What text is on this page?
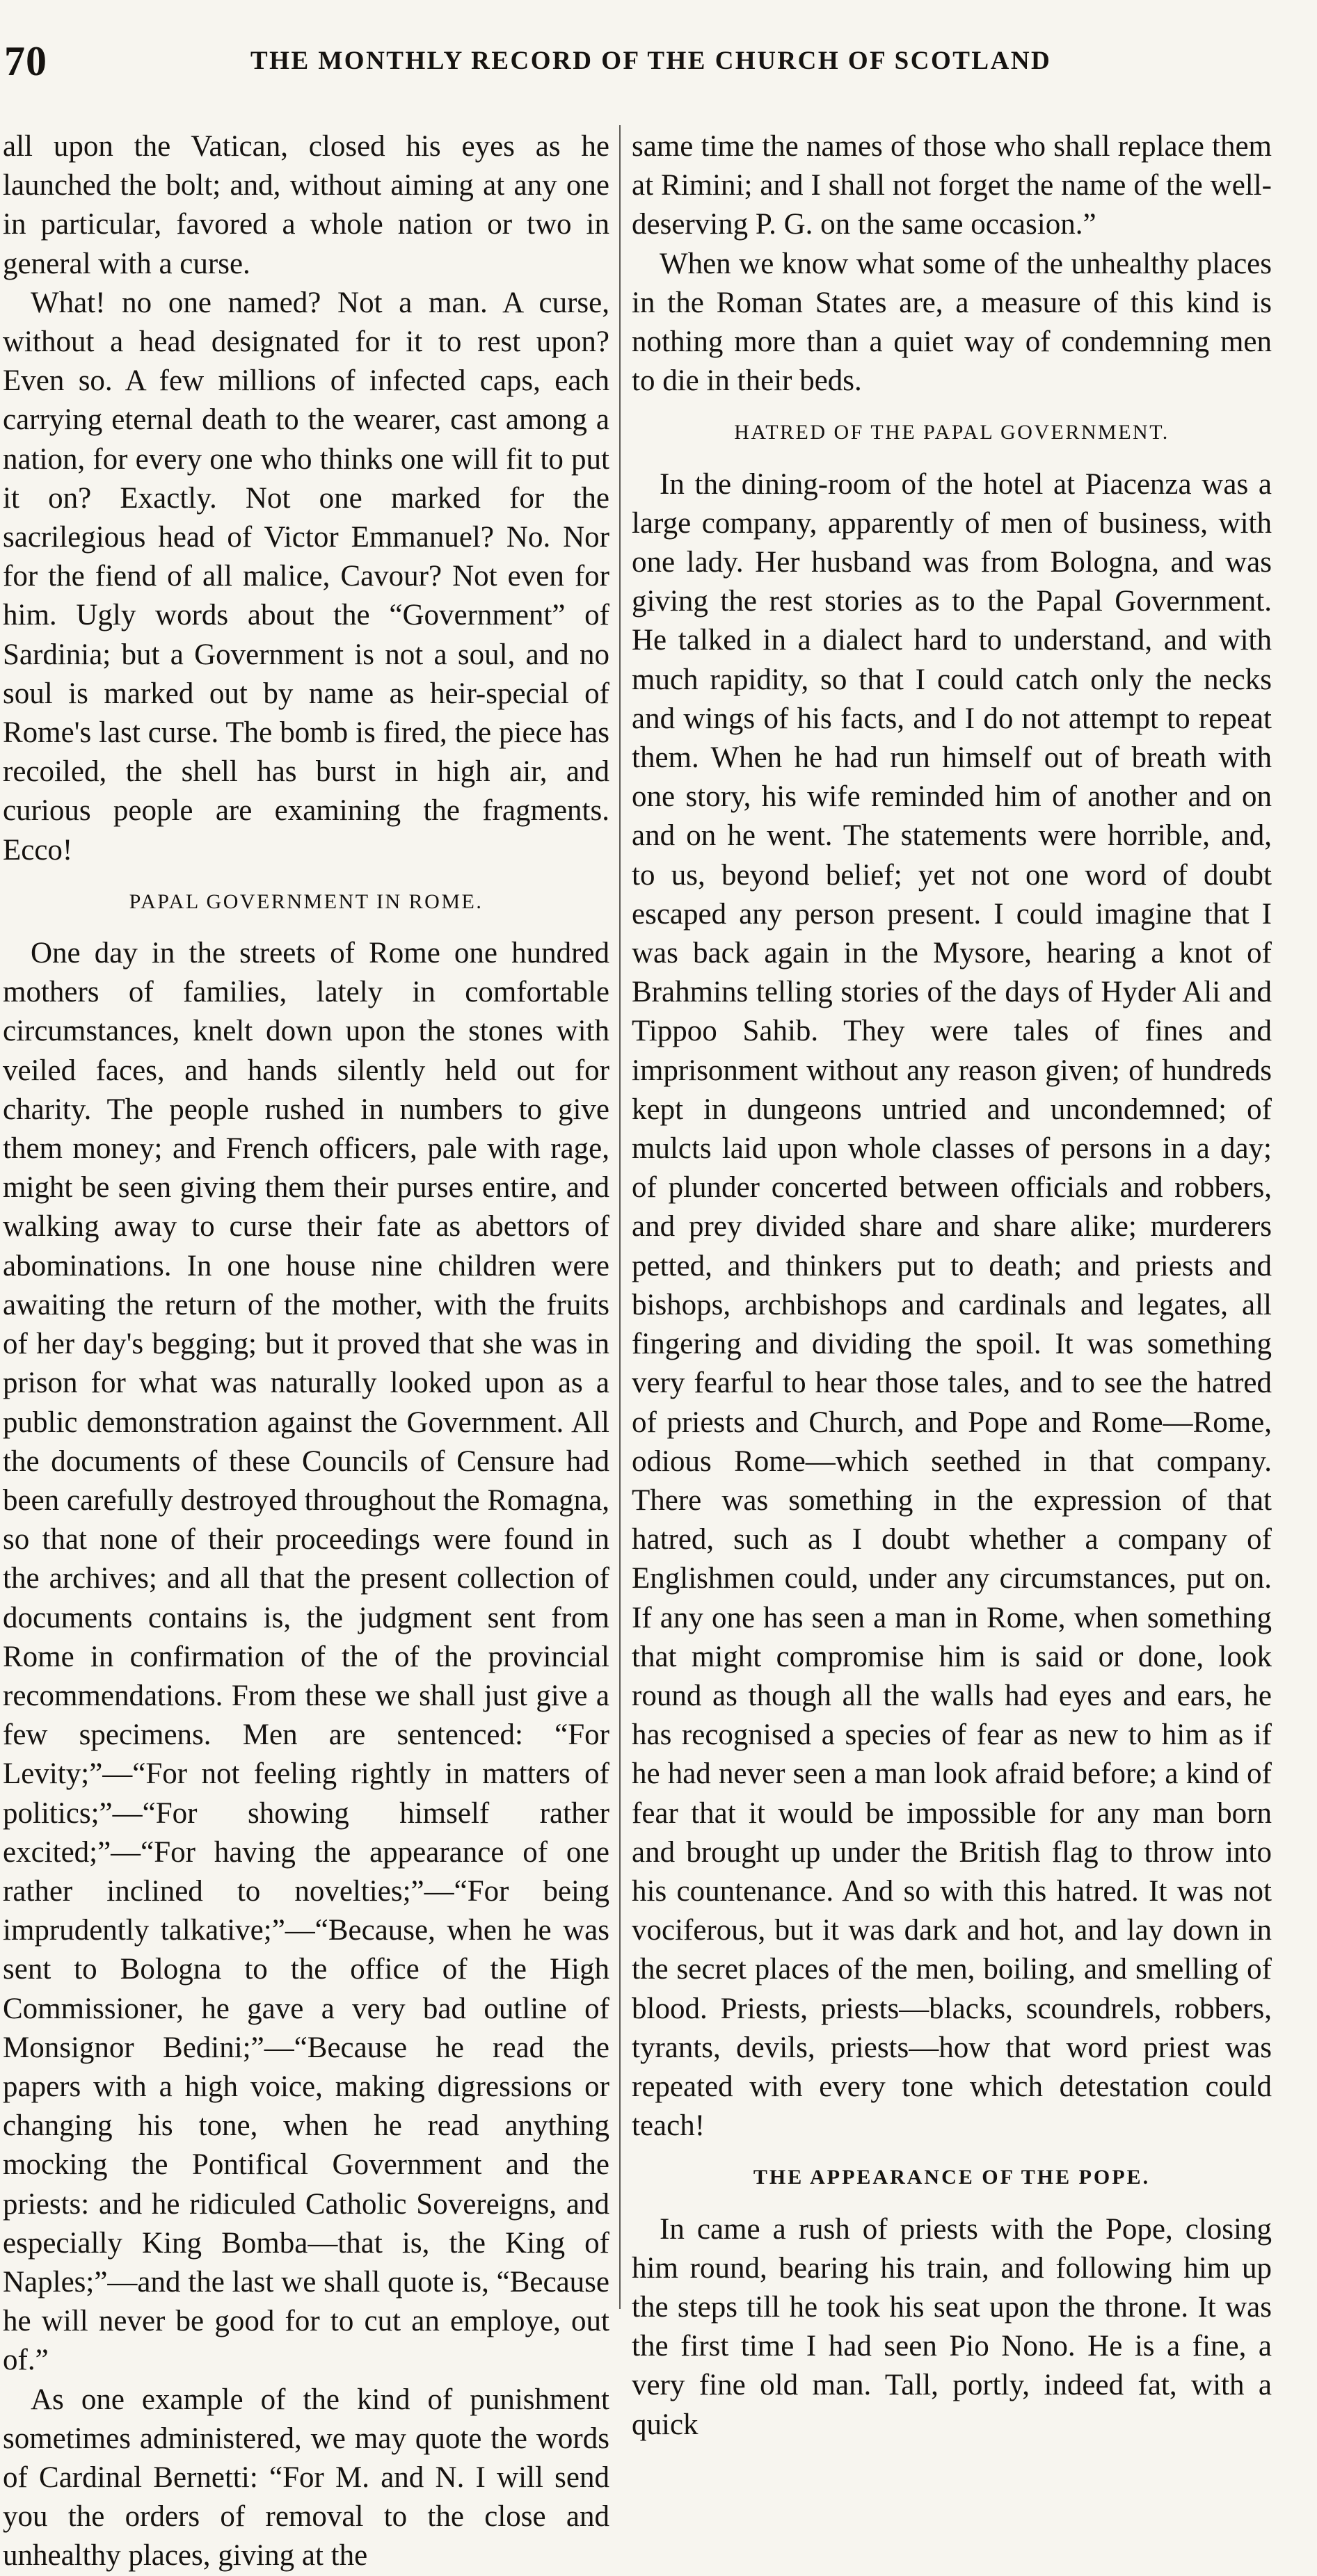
70	THE MONTHLY RECORD OF THE CHURCH OF SCOTLAND

all upon the Vatican, closed his eyes as he launched the bolt; and, without aiming at any one in particular, favored a whole nation or two in general with a curse.

What! no one named? Not a man. A curse, without a head designated for it to rest upon? Even so. A few millions of infected caps, each carrying eternal death to the wearer, cast among a nation, for every one who thinks one will fit to put it on? Exactly. Not one marked for the sacrilegious head of Victor Emmanuel? No. Nor for the fiend of all malice, Cavour? Not even for him. Ugly words about the “Government” of Sardinia; but a Government is not a soul, and no soul is marked out by name as heir-special of Rome's last curse. The bomb is fired, the piece has recoiled, the shell has burst in high air, and curious people are examining the fragments. Ecco!

PAPAL GOVERNMENT IN ROME.

One day in the streets of Rome one hundred mothers of families, lately in comfortable circumstances, knelt down upon the stones with veiled faces, and hands silently held out for charity. The people rushed in numbers to give them money; and French officers, pale with rage, might be seen giving them their purses entire, and walking away to curse their fate as abettors of abominations. In one house nine children were awaiting the return of the mother, with the fruits of her day's begging; but it proved that she was in prison for what was naturally looked upon as a public demonstration against the Government. All the documents of these Councils of Censure had been carefully destroyed throughout the Romagna, so that none of their proceedings were found in the archives; and all that the present collection of documents contains is, the judgment sent from Rome in confirmation of the of the provincial recommendations. From these we shall just give a few specimens. Men are sentenced: “For Levity;”—“For not feeling rightly in matters of politics;”—“For showing himself rather excited;”—“For having the appearance of one rather inclined to novelties;”—“For being imprudently talkative;”—“Because, when he was sent to Bologna to the office of the High Commissioner, he gave a very bad outline of Monsignor Bedini;”—“Because he read the papers with a high voice, making digressions or changing his tone, when he read anything mocking the Pontifical Government and the priests: and he ridiculed Catholic Sovereigns, and especially King Bomba—that is, the King of Naples;”—and the last we shall quote is, “Because he will never be good for to cut an employe, out of.”

As one example of the kind of punishment sometimes administered, we may quote the words of Cardinal Bernetti: “For M. and N. I will send you the orders of removal to the close and unhealthy places, giving at the

same time the names of those who shall replace them at Rimini; and I shall not forget the name of the well-deserving P. G. on the same occasion.”

When we know what some of the unhealthy places in the Roman States are, a measure of this kind is nothing more than a quiet way of condemning men to die in their beds.

HATRED OF THE PAPAL GOVERNMENT.

In the dining-room of the hotel at Piacenza was a large company, apparently of men of business, with one lady. Her husband was from Bologna, and was giving the rest stories as to the Papal Government. He talked in a dialect hard to understand, and with much rapidity, so that I could catch only the necks and wings of his facts, and I do not attempt to repeat them. When he had run himself out of breath with one story, his wife reminded him of another and on and on he went. The statements were horrible, and, to us, beyond belief; yet not one word of doubt escaped any person present. I could imagine that I was back again in the Mysore, hearing a knot of Brahmins telling stories of the days of Hyder Ali and Tippoo Sahib. They were tales of fines and imprisonment without any reason given; of hundreds kept in dungeons untried and uncondemned; of mulcts laid upon whole classes of persons in a day; of plunder concerted between officials and robbers, and prey divided share and share alike; murderers petted, and thinkers put to death; and priests and bishops, archbishops and cardinals and legates, all fingering and dividing the spoil. It was something very fearful to hear those tales, and to see the hatred of priests and Church, and Pope and Rome—Rome, odious Rome—which seethed in that company. There was something in the expression of that hatred, such as I doubt whether a company of Englishmen could, under any circumstances, put on. If any one has seen a man in Rome, when something that might compromise him is said or done, look round as though all the walls had eyes and ears, he has recognised a species of fear as new to him as if he had never seen a man look afraid before; a kind of fear that it would be impossible for any man born and brought up under the British flag to throw into his countenance. And so with this hatred. It was not vociferous, but it was dark and hot, and lay down in the secret places of the men, boiling, and smelling of blood. Priests, priests—blacks, scoundrels, robbers, tyrants, devils, priests—how that word priest was repeated with every tone which detestation could teach!

THE APPEARANCE OF THE POPE.

In came a rush of priests with the Pope, closing him round, bearing his train, and following him up the steps till he took his seat upon the throne. It was the first time I had seen Pio Nono. He is a fine, a very fine old man. Tall, portly, indeed fat, with a quick
